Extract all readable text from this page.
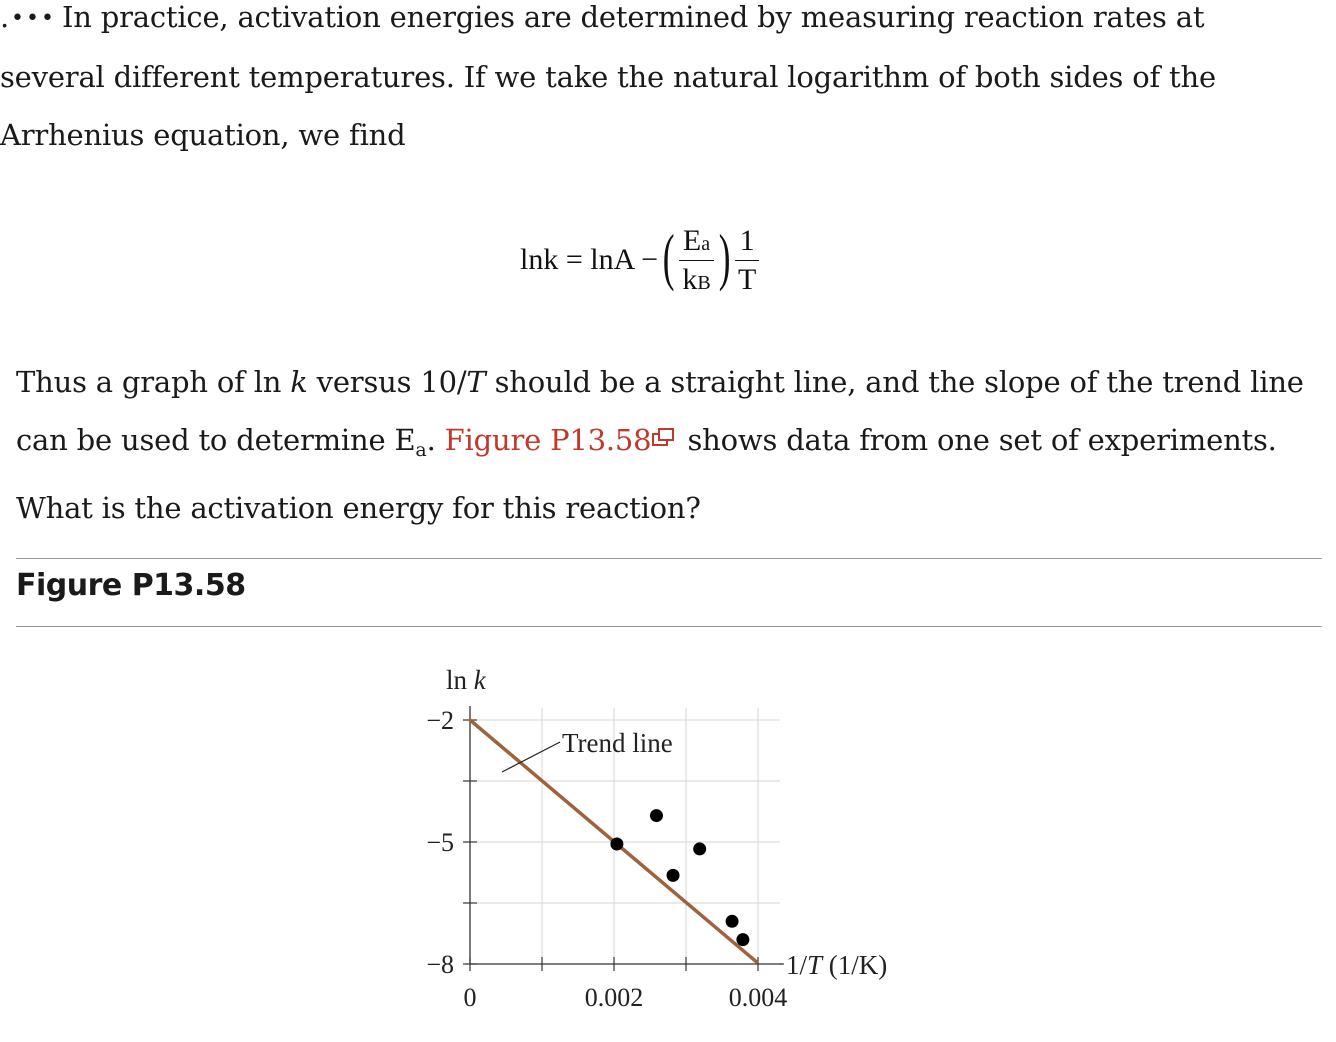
.••• In practice, activation energies are determined by measuring reaction rates at several different temperatures. If we take the natural logarithm of both sides of the Arrhenius equation, we find

lnk = lnA − ( $\frac{Ea}{kB}$ ) $\frac{1}{T}$

Thus a graph of ln k versus 10/T should be a straight line, and the slope of the trend line can be used to determine $E_a$. Figure P13.58
shows data from one set of experiments. What is the activation energy for this reaction?

Figure P13.58
−2
−5
−8
0	0.002	0.004
ln k
1/T (1/K)
Trend line
